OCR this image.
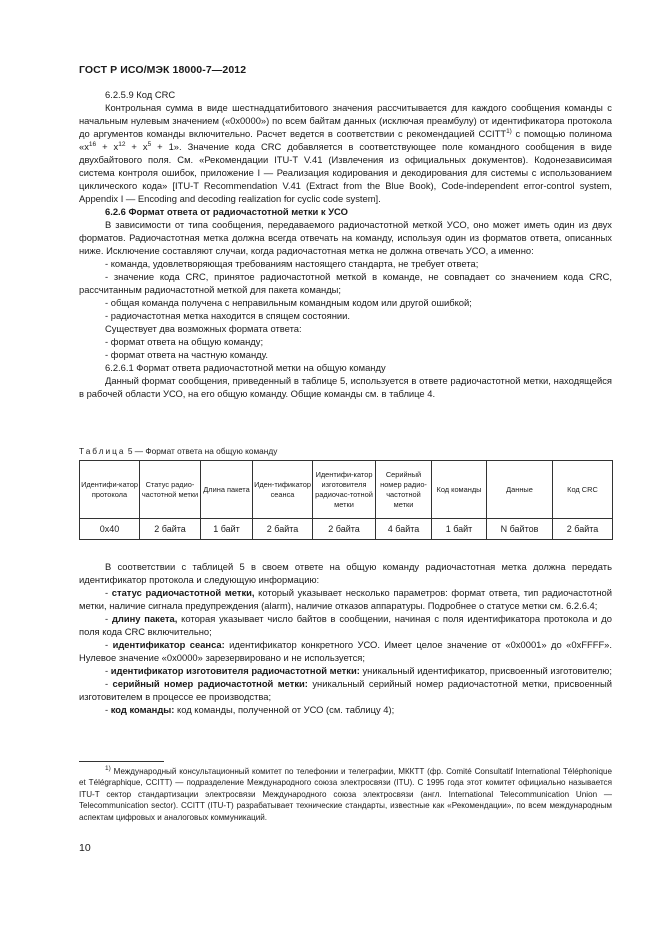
ГОСТ Р ИСО/МЭК 18000-7—2012

6.2.5.9 Код CRC

Контрольная сумма в виде шестнадцатибитового значения рассчитывается для каждого сообщения команды с начальным нулевым значением («0x0000») по всем байтам данных (исключая преамбулу) от идентификатора протокола до аргументов команды включительно. Расчет ведется в соответствии с рекомендацией CCITT$^{1)}$ с помощью полинома «$x^{16} + x^{12} + x^5 + 1$». Значение кода CRC добавляется в соответствующее поле командного сообщения в виде двухбайтового поля. См. «Рекомендации ITU-T V.41 (Извлечения из официальных документов). Кодонезависимая система контроля ошибок, приложение I — Реализация кодирования и декодирования для системы с использованием циклического кода» [ITU-T Recommendation V.41 (Extract from the Blue Book), Code-independent error-control system, Appendix I — Encoding and decoding realization for cyclic code system].

6.2.6 Формат ответа от радиочастотной метки к УСО

В зависимости от типа сообщения, передаваемого радиочастотной меткой УСО, оно может иметь один из двух форматов. Радиочастотная метка должна всегда отвечать на команду, используя один из форматов ответа, описанных ниже. Исключение составляют случаи, когда радиочастотная метка не должна отвечать УСО, а именно:

- команда, удовлетворяющая требованиям настоящего стандарта, не требует ответа;

- значение кода CRC, принятое радиочастотной меткой в команде, не совпадает со значением кода CRC, рассчитанным радиочастотной меткой для пакета команды;

- общая команда получена с неправильным командным кодом или другой ошибкой;

- радиочастотная метка находится в спящем состоянии.

Существует два возможных формата ответа:

- формат ответа на общую команду;

- формат ответа на частную команду.

6.2.6.1 Формат ответа радиочастотной метки на общую команду

Данный формат сообщения, приведенный в таблице 5, используется в ответе радиочастотной метки, находящейся в рабочей области УСО, на его общую команду. Общие команды см. в таблице 4.

Таблица 5 — Формат ответа на общую команду
Идентифи-катор протокола	Статус радио-частотной метки	Длина пакета	Иден-тификатор сеанса	Идентифи-катор изготовителя радиочас-тотной метки	Серийный номер радио-частотной метки	Код команды	Данные	Код CRC
0x40	2 байта	1 байт	2 байта	2 байта	4 байта	1 байт	N байтов	2 байта

В соответствии с таблицей 5 в своем ответе на общую команду радиочастотная метка должна передать идентификатор протокола и следующую информацию:

- статус радиочастотной метки, который указывает несколько параметров: формат ответа, тип радиочастотной метки, наличие сигнала предупреждения (alarm), наличие отказов аппаратуры. Подробнее о статусе метки см. 6.2.6.4;

- длину пакета, которая указывает число байтов в сообщении, начиная с поля идентификатора протокола и до поля кода CRC включительно;

- идентификатор сеанса: идентификатор конкретного УСО. Имеет целое значение от «0x0001» до «0xFFFF». Нулевое значение «0x0000» зарезервировано и не используется;

- идентификатор изготовителя радиочастотной метки: уникальный идентификатор, присвоенный изготовителю;

- серийный номер радиочастотной метки: уникальный серийный номер радиочастотной метки, присвоенный изготовителем в процессе ее производства;

- код команды: код команды, полученной от УСО (см. таблицу 4);

$^{1)}$ Международный консультационный комитет по телефонии и телеграфии, МККТТ (фр. Comité Consultatif International Téléphonique et Télégraphique, CCITT) — подразделение Международного союза электросвязи (ITU). С 1995 года этот комитет официально называется ITU-T сектор стандартизации электросвязи Международного союза электросвязи (англ. International Telecommunication Union — Telecommunication sector). CCITT (ITU-T) разрабатывает технические стандарты, известные как «Рекомендации», по всем международным аспектам цифровых и аналоговых коммуникаций.

10
